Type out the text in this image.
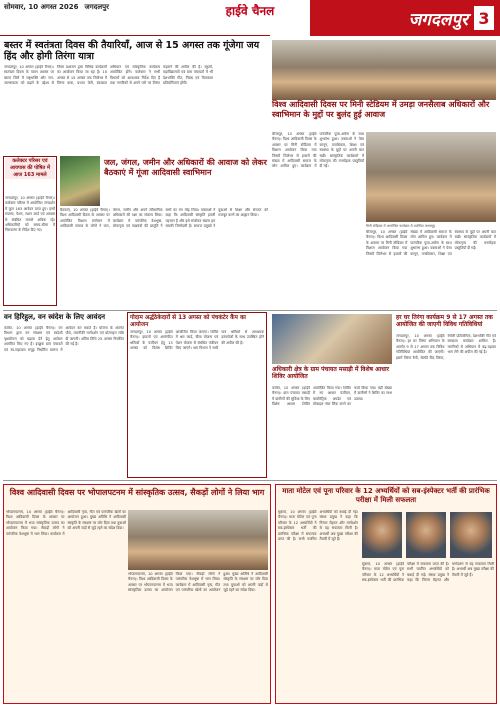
सोमवार, 10 अगस्त 2026 जगदलपुर	हाईवे चैनल	जगदलपुर 3
बस्तर में स्वतंत्रता दिवस की तैयारियाँ, आज से 15 अगस्त तक गूंजेगा जय हिंद और होगी तिरंगा यात्रा
जगदलपुर, 10 अगस्त (हाईवे चैनल)। स्वतंत्रता दिवस के पावन अवसर पर बस्तर जिले में राष्ट्रभक्ति और जन-जागरूकता को बढ़ाने के उद्देश्य से जिला प्रशासन द्वारा विभिन्न कार्यक्रमों का आयोजन किया जा रहा है। 10 अगस्त से 15 अगस्त तक जिलेभर में तिरंगा यात्रा, प्रभात फेरी, स्वच्छता अभियान एवं सांस्कृतिक कार्यक्रम आयोजित होंगे। कलेक्टर ने सभी विभागों को आवश्यक निर्देश दिए हैं तथा नागरिकों से अपने घरों पर तिरंगा फहराने की अपील की है। स्कूलों, महाविद्यालयों एवं ग्राम पंचायतों में भी देशभक्ति गीत, निबंध एवं चित्रकला प्रतियोगिताएं होंगी।
कलेक्टर परिसर एवं आयपास की पोषित में आज 163 मामले
जगदलपुर, 10 अगस्त (हाईवे चैनल)। कलेक्टर परिसर में आयोजित जनदर्शन में कुल 163 आवेदन प्राप्त हुए। इनमें राजस्व, पेंशन, राशन कार्ड एवं आवास से संबंधित मामले अधिक रहे। अधिकारियों को समय-सीमा में निराकरण के निर्देश दिए गए।
जल, जंगल, जमीन और अधिकारों की आवाज को लेकर बैठकाएं में गूंजा आदिवासी स्वाभिमान
बैठकाएं, 10 अगस्त (हाईवे चैनल)। विश्व आदिवासी दिवस के अवसर पर आयोजित विशाल सम्मेलन में आदिवासी समाज के लोगों ने जल, जंगल, जमीन और अपने संवैधानिक अधिकारों की रक्षा का संकल्प लिया। कार्यक्रम में पारंपरिक वेशभूषा, लोकनृत्य एवं वाद्ययंत्रों की प्रस्तुति ने सभी का मन मोह लिया। वक्ताओं ने कहा कि आदिवासी संस्कृति हमारी पहचान है और इसे संजोकर रखना हम सबकी जिम्मेदारी है। समाज प्रमुखों ने युवाओं से शिक्षा और संगठन को मजबूत करने का आह्वान किया।
विश्व आदिवासी दिवस पर मिनी स्टेडियम में उमड़ा जनसैलाब अधिकारों और स्वाभिमान के मुद्दों पर बुलंद हुई आवाज
बीजापुर, 10 अगस्त (हाईवे चैनल)। विश्व आदिवासी दिवस के अवसर पर मिनी स्टेडियम में विशाल आयोजन किया गया जिसमें जिलेभर से हजारों की संख्या में आदिवासी समाज के लोग शामिल हुए। कार्यक्रम में पारंपरिक पूजा-अर्चना के साथ शुभारंभ हुआ। वक्ताओं ने पेसा कानून, वनाधिकार, शिक्षा एवं स्वास्थ्य के मुद्दों पर अपनी बात रखी। सांस्कृतिक कार्यक्रमों में लोकनृत्य की मनमोहक प्रस्तुतियाँ दी गईं।
मिनी स्टेडियम में आयोजित कार्यक्रम में उपस्थित जनसमूह
बीजापुर, 10 अगस्त (हाईवे चैनल)। विश्व आदिवासी दिवस के अवसर पर मिनी स्टेडियम में विशाल आयोजन किया गया जिसमें जिलेभर से हजारों की संख्या में आदिवासी समाज के लोग शामिल हुए। कार्यक्रम में पारंपरिक पूजा-अर्चना के साथ शुभारंभ हुआ। वक्ताओं ने पेसा कानून, वनाधिकार, शिक्षा एवं स्वास्थ्य के मुद्दों पर अपनी बात रखी। सांस्कृतिक कार्यक्रमों में लोकनृत्य की मनमोहक प्रस्तुतियाँ दी गईं।
वन हिरिहुल, वन स्वंदेश के लिए आवंदन
कांकेर, 10 अगस्त (हाईवे चैनल)। वन विभाग द्वारा वन संरक्षण एवं स्वदेशी वृक्षारोपण को बढ़ावा देने हेतु आवेदन आमंत्रित किए गए हैं। इच्छुक ग्राम पंचायतें एवं स्व-सहायता समूह निर्धारित प्रारूप में आवेदन कर सकते हैं। योजना के अंतर्गत पौधे, तकनीकी मार्गदर्शन एवं प्रोत्साहन राशि दी जाएगी। अंतिम तिथि 25 अगस्त निर्धारित की गई है।
गोदाम अर्द्धठेकेदारों से 13 अगस्त को पंचकंटेर कैंप का आयोजन
जगदलपुर, 10 अगस्त (हाईवे चैनल)। हमालों एवं असंगठित श्रमिकों के पंजीयन हेतु 13 अगस्त को विशेष शिविर आयोजित किया जाएगा। शिविर में श्रम कार्ड, बीमा योजना एवं पेंशन योजना से संबंधित पंजीयन किए जाएंगे। श्रम विभाग ने सभी पात्र श्रमिकों से आवश्यक दस्तावेजों के साथ उपस्थित होने की अपील की है।
अधिकारी क्षेत्र के ग्राम पंचायत मसाड़ी में विशेष आधार शिविर आयोजित
कांकेर, 10 अगस्त (हाईवे चैनल)। ग्राम पंचायत मसाड़ी में ग्रामीणों की सुविधा के लिए विशेष आधार शिविर आयोजित किया गया। शिविर में नए आधार पंजीयन, बायोमेट्रिक अपडेट एवं मोबाइल नंबर लिंक करने का कार्य किया गया। बड़ी संख्या में ग्रामीणों ने शिविर का लाभ उठाया।
हर घर तिरंगा कार्यक्रम 9 से 17 अगस्त तक आयोजित की जाएगी विविध गतिविधियां
जगदलपुर, 10 अगस्त (हाईवे चैनल)। हर घर तिरंगा अभियान के अंतर्गत 9 से 17 अगस्त तक विविध गतिविधियां आयोजित की जाएंगी। इसमें तिरंगा रैली, सेल्फी विद तिरंगा, रंगोली प्रतियोगिता, देशभक्ति गीत एवं स्वच्छता कार्यक्रम शामिल हैं। नागरिकों से अभियान में बढ़-चढ़कर भाग लेने की अपील की गई है।
विश्व आदिवासी दिवस पर भोपालपटनम में सांस्कृतिक उत्सव, सैकड़ों लोगों ने लिया भाग
भोपालपटनम, 10 अगस्त (हाईवे चैनल)। विश्व आदिवासी दिवस के अवसर पर भोपालपटनम में भव्य सांस्कृतिक उत्सव का आयोजन किया गया। सैकड़ों लोगों ने पारंपरिक वेशभूषा में भाग लिया। कार्यक्रम में आदिवासी नृत्य, गीत एवं पारंपरिक खेलों का आयोजन हुआ। मुख्य अतिथि ने आदिवासी संस्कृति के संरक्षण पर जोर दिया तथा युवाओं को अपनी जड़ों से जुड़े रहने का संदेश दिया।
भोपालपटनम, 10 अगस्त (हाईवे चैनल)। विश्व आदिवासी दिवस के अवसर पर भोपालपटनम में भव्य सांस्कृतिक उत्सव का आयोजन किया गया। सैकड़ों लोगों ने पारंपरिक वेशभूषा में भाग लिया। कार्यक्रम में आदिवासी नृत्य, गीत एवं पारंपरिक खेलों का आयोजन हुआ। मुख्य अतिथि ने आदिवासी संस्कृति के संरक्षण पर जोर दिया तथा युवाओं को अपनी जड़ों से जुड़े रहने का संदेश दिया।
माता मोटेल एवं पूना परिवार के 12 अभ्यर्थियों को सब-इंस्पेक्टर भर्ती की प्रारंभिक परीक्षा में मिली सफलता
सुकमा, 10 अगस्त (हाईवे चैनल)। माता मोटेल एवं पूना परिवार के 12 अभ्यर्थियों ने सब-इंस्पेक्टर भर्ती की प्रारंभिक परीक्षा में सफलता प्राप्त की है। सभी चयनित अभ्यर्थियों को बधाई दी गई। संस्था प्रमुख ने कहा कि निरंतर मेहनत और मार्गदर्शन से यह सफलता मिली है। अभ्यर्थी अब मुख्य परीक्षा की तैयारी में जुटे हैं।
सुकमा, 10 अगस्त (हाईवे चैनल)। माता मोटेल एवं पूना परिवार के 12 अभ्यर्थियों ने सब-इंस्पेक्टर भर्ती की प्रारंभिक परीक्षा में सफलता प्राप्त की है। सभी चयनित अभ्यर्थियों को बधाई दी गई। संस्था प्रमुख ने कहा कि निरंतर मेहनत और मार्गदर्शन से यह सफलता मिली है। अभ्यर्थी अब मुख्य परीक्षा की तैयारी में जुटे हैं।
